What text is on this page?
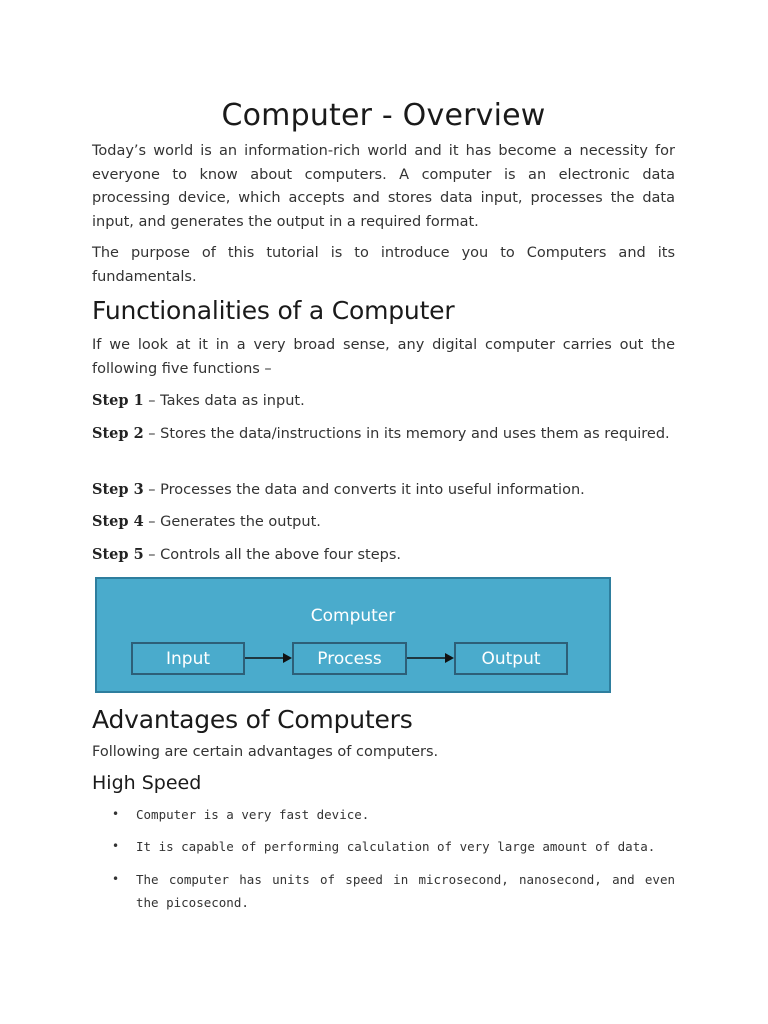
Computer - Overview

Today’s world is an information-rich world and it has become a necessity for everyone to know about computers. A computer is an electronic data processing device, which accepts and stores data input, processes the data input, and generates the output in a required format.

The purpose of this tutorial is to introduce you to Computers and its fundamentals.

Functionalities of a Computer

If we look at it in a very broad sense, any digital computer carries out the following five functions –

Step 1 – Takes data as input.

Step 2 – Stores the data/instructions in its memory and uses them as required.

Step 3 – Processes the data and converts it into useful information.

Step 4 – Generates the output.

Step 5 – Controls all the above four steps.

Computer
Input	Process	Output
Advantages of Computers

Following are certain advantages of computers.

High Speed
• Computer is a very fast device.
• It is capable of performing calculation of very large amount of data.
• The computer has units of speed in microsecond, nanosecond, and even the picosecond.
